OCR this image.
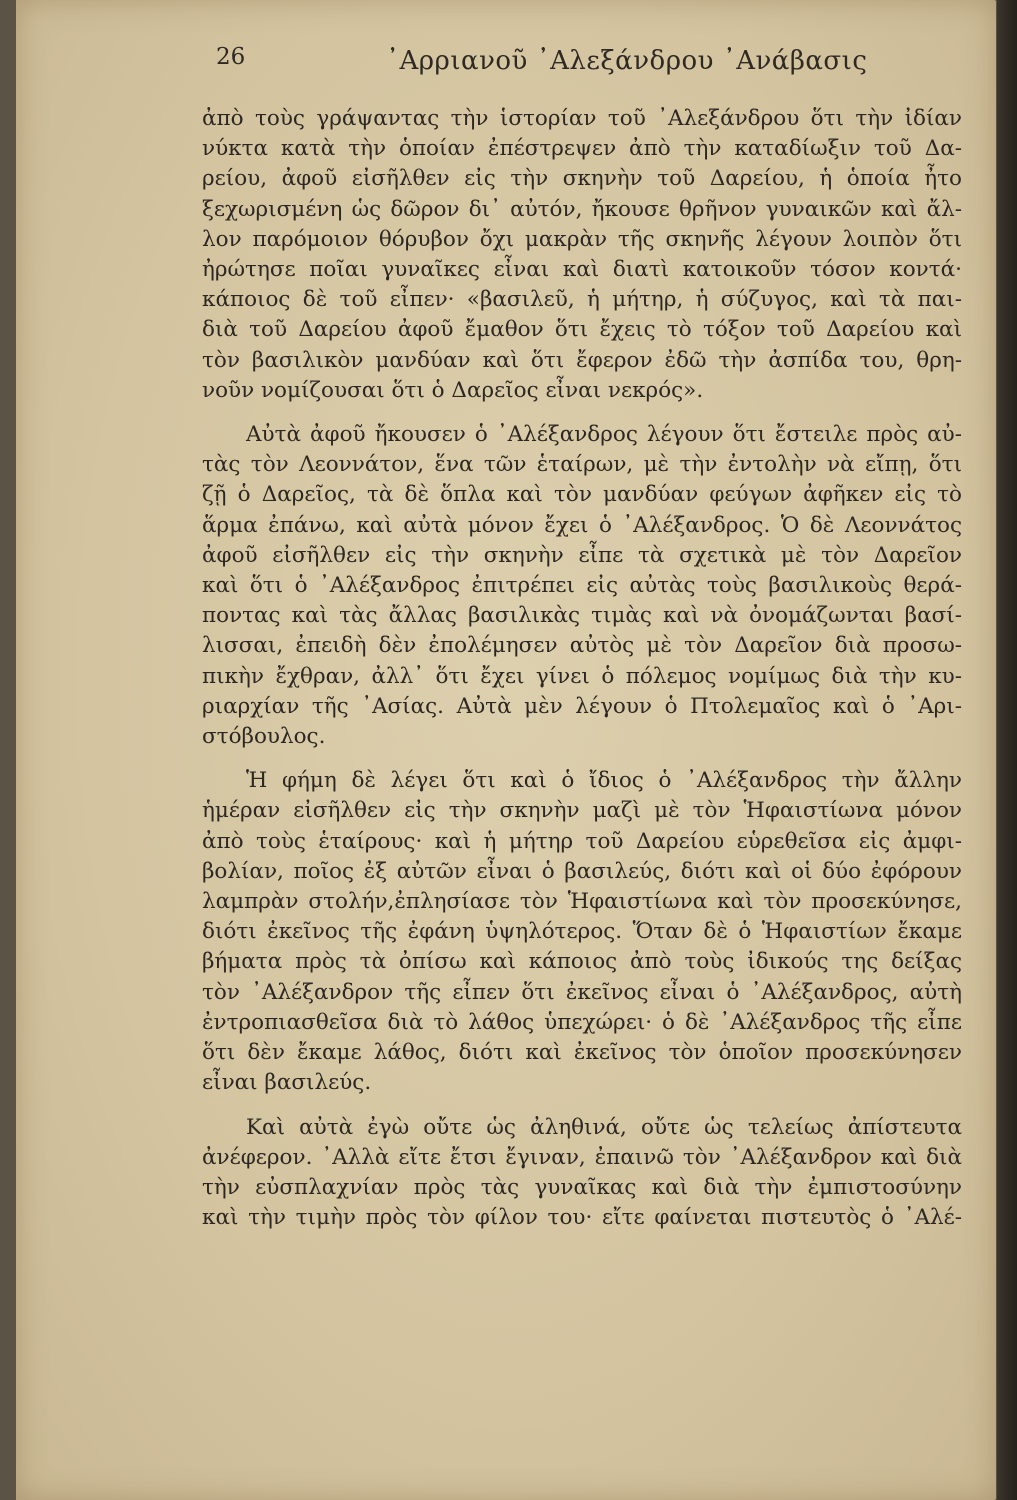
26	᾿Αρριανοῦ ᾿Αλεξάνδρου ᾿Ανάβασις
ἀπὸ τοὺς γράψαντας τὴν ἱστορίαν τοῦ ᾿Αλεξάνδρου ὅτι τὴν ἰδίαν
νύκτα κατὰ τὴν ὁποίαν ἐπέστρεψεν ἀπὸ τὴν καταδίωξιν τοῦ Δα-
ρείου, ἀφοῦ εἰσῆλθεν εἰς τὴν σκηνὴν τοῦ Δαρείου, ἡ ὁποία ἦτο
ξεχωρισμένη ὡς δῶρον δι᾿ αὐτόν, ἤκουσε θρῆνον γυναικῶν καὶ ἄλ-
λον παρόμοιον θόρυβον ὄχι μακρὰν τῆς σκηνῆς λέγουν λοιπὸν ὅτι
ἠρώτησε ποῖαι γυναῖκες εἶναι καὶ διατὶ κατοικοῦν τόσον κοντά·
κάποιος δὲ τοῦ εἶπεν· «βασιλεῦ, ἡ μήτηρ, ἡ σύζυγος, καὶ τὰ παι-
διὰ τοῦ Δαρείου ἀφοῦ ἔμαθον ὅτι ἔχεις τὸ τόξον τοῦ Δαρείου καὶ
τὸν βασιλικὸν μανδύαν καὶ ὅτι ἔφερον ἐδῶ τὴν ἀσπίδα του, θρη-
νοῦν νομίζουσαι ὅτι ὁ Δαρεῖος εἶναι νεκρός».
Αὐτὰ ἀφοῦ ἤκουσεν ὁ ᾿Αλέξανδρος λέγουν ὅτι ἔστειλε πρὸς αὐ-
τὰς τὸν Λεοννάτον, ἕνα τῶν ἑταίρων, μὲ τὴν ἐντολὴν νὰ εἴπῃ, ὅτι
ζῇ ὁ Δαρεῖος, τὰ δὲ ὅπλα καὶ τὸν μανδύαν φεύγων ἀφῆκεν εἰς τὸ
ἅρμα ἐπάνω, καὶ αὐτὰ μόνον ἔχει ὁ ᾿Αλέξανδρος. Ὁ δὲ Λεοννάτος
ἀφοῦ εἰσῆλθεν εἰς τὴν σκηνὴν εἶπε τὰ σχετικὰ μὲ τὸν Δαρεῖον
καὶ ὅτι ὁ ᾿Αλέξανδρος ἐπιτρέπει εἰς αὐτὰς τοὺς βασιλικοὺς θερά-
ποντας καὶ τὰς ἄλλας βασιλικὰς τιμὰς καὶ νὰ ὀνομάζωνται βασί-
λισσαι, ἐπειδὴ δὲν ἐπολέμησεν αὐτὸς μὲ τὸν Δαρεῖον διὰ προσω-
πικὴν ἔχθραν, ἀλλ᾿ ὅτι ἔχει γίνει ὁ πόλεμος νομίμως διὰ τὴν κυ-
ριαρχίαν τῆς ᾿Ασίας. Αὐτὰ μὲν λέγουν ὁ Πτολεμαῖος καὶ ὁ ᾿Αρι-
στόβουλος.
Ἡ φήμη δὲ λέγει ὅτι καὶ ὁ ἴδιος ὁ ᾿Αλέξανδρος τὴν ἄλλην
ἡμέραν εἰσῆλθεν εἰς τὴν σκηνὴν μαζὶ μὲ τὸν Ἡφαιστίωνα μόνον
ἀπὸ τοὺς ἑταίρους· καὶ ἡ μήτηρ τοῦ Δαρείου εὑρεθεῖσα εἰς ἀμφι-
βολίαν, ποῖος ἐξ αὐτῶν εἶναι ὁ βασιλεύς, διότι καὶ οἱ δύο ἐφόρουν
λαμπρὰν στολήν,ἐπλησίασε τὸν Ἡφαιστίωνα καὶ τὸν προσεκύνησε,
διότι ἐκεῖνος τῆς ἐφάνη ὑψηλότερος. Ὅταν δὲ ὁ Ἡφαιστίων ἔκαμε
βήματα πρὸς τὰ ὀπίσω καὶ κάποιος ἀπὸ τοὺς ἰδικούς της δείξας
τὸν ᾿Αλέξανδρον τῆς εἶπεν ὅτι ἐκεῖνος εἶναι ὁ ᾿Αλέξανδρος, αὐτὴ
ἐντροπιασθεῖσα διὰ τὸ λάθος ὑπεχώρει· ὁ δὲ ᾿Αλέξανδρος τῆς εἶπε
ὅτι δὲν ἔκαμε λάθος, διότι καὶ ἐκεῖνος τὸν ὁποῖον προσεκύνησεν
εἶναι βασιλεύς.
Καὶ αὐτὰ ἐγὼ οὔτε ὡς ἀληθινά, οὔτε ὡς τελείως ἀπίστευτα
ἀνέφερον. ᾿Αλλὰ εἴτε ἔτσι ἔγιναν, ἐπαινῶ τὸν ᾿Αλέξανδρον καὶ διὰ
τὴν εὐσπλαχνίαν πρὸς τὰς γυναῖκας καὶ διὰ τὴν ἐμπιστοσύνην
καὶ τὴν τιμὴν πρὸς τὸν φίλον του· εἴτε φαίνεται πιστευτὸς ὁ ᾿Αλέ-
